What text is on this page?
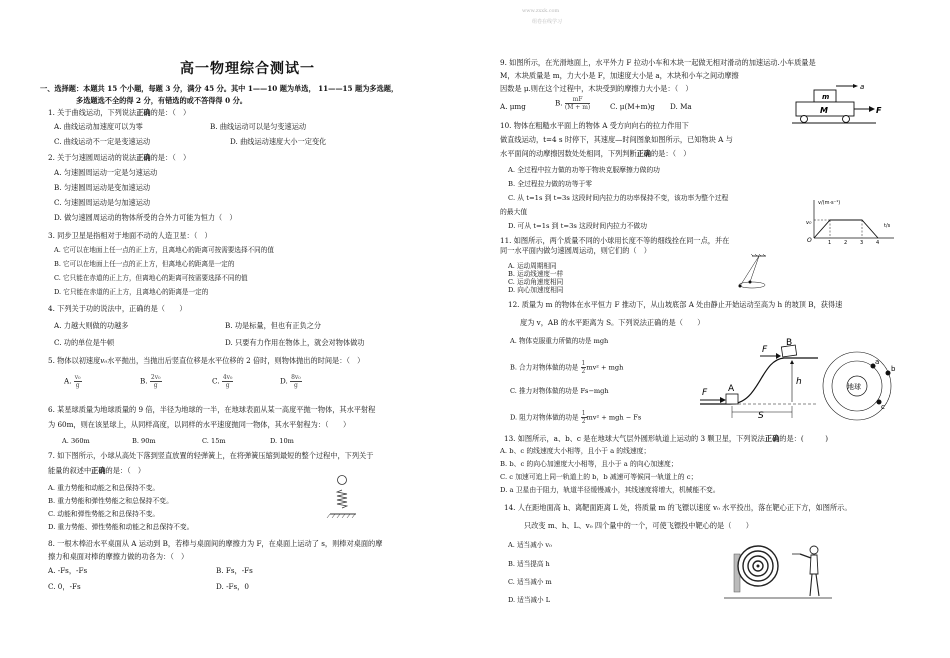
www.zxxk.com
组卷在线学习
高一物理综合测试一
一、选择题：本题共 15 个小题，每题 3 分，满分 45 分。其中 1——10 题为单选， 11——15 题为多选题，
多选题选不全的得 2 分，有错选的或不答得得 0 分。
1. 关于曲线运动，下列说法正确的是：（　）
A. 曲线运动加速度可以为零	B. 曲线运动可以是匀变速运动
C. 曲线运动不一定是变速运动	D. 曲线运动速度大小一定变化
2. 关于匀速圆周运动的说法正确的是：（　）
A. 匀速圆周运动一定是匀速运动
B. 匀速圆周运动是变加速运动
C. 匀速圆周运动是匀加速运动
D. 做匀速圆周运动的物体所受的合外力可能为恒力（　）
3. 同步卫星是指相对于地面不动的人造卫星：（　）
A. 它可以在地面上任一点的正上方，且离地心的距离可按需要选择不同的值
B. 它可以在地面上任一点的正上方，但离地心的距离是一定的
C. 它只能在赤道的正上方，但离地心的距离可按需要选择不同的值
D. 它只能在赤道的正上方，且离地心的距离是一定的
4. 下列关于功的说法中，正确的是（　　）
A. 力越大则做的功越多	B. 功是标量，但也有正负之分
C. 功的单位是牛顿	D. 只要有力作用在物体上，就会对物体做功
5. 物体以初速度v₀水平抛出，当抛出后竖直位移是水平位移的 2 倍时，则物体抛出的时间是：（　）
A. $\frac{\text{v₀}}{g}$	B. $\frac{\text{2v₀}}{g}$	C. $\frac{\text{4v₀}}{g}$	D. $\frac{\text{8v₀}}{g}$
6. 某星球质量为地球质量的 9 倍，半径为地球的一半，在地球表面从某一高度平抛一物体，其水平射程
为 60m，则在该星球上，从同样高度，以同样的水平速度抛同一物体，其水平射程为：（　　）
A. 360m	B. 90m	C. 15m	D. 10m
7. 如下图所示，小球从高处下落到竖直放置的轻弹簧上，在将弹簧压缩到最短的整个过程中，下列关于
能量的叙述中正确的是：（　）
A. 重力势能和动能之和总保持不变。
B. 重力势能和弹性势能之和总保持不变。
C. 动能和弹性势能之和总保持不变。
D. 重力势能、弹性势能和动能之和总保持不变。
8. 一根木棒沿水平桌面从 A 运动到 B，若棒与桌面间的摩擦力为 F，在桌面上运动了 s，则棒对桌面的摩
擦力和桌面对棒的摩擦力做的功各为：（　）
A. -Fs，-Fs	B. Fs，-Fs
C. 0，-Fs	D. -Fs，0
9. 如图所示，在光滑地面上，水平外力 F 拉动小车和木块一起做无相对滑动的加速运动.小车质量是
M，木块质量是 m，力大小是 F，加速度大小是 a，木块和小车之间动摩擦
因数是 μ.则在这个过程中，木块受到的摩擦力大小是：（　）
A. μmg	B. $\frac{mF}{(M + m)}$	C. μ(M+m)g D. Ma
a
m
M	F
10. 物体在粗糙水平面上的物体 A 受方向向右的拉力作用下
做直线运动，t=4 s 时停下，其速度—时间图象如图所示，已知物块 A 与
水平面间的动摩擦因数处处相同，下列判断正确的是：（　）
A. 全过程中拉力做的功等于物块克服摩擦力做的功
B. 全过程拉力做的功等于零
C. 从 t=1s 到 t=3s 这段时间内拉力的功率保持不变，该功率为整个过程
的最大值
D. 可从 t=1s 到 t=3s 这段时间内拉力不做功
v/(m·s⁻¹)
v₀	t/s
O	1	2	3	4
11. 如图所示，两个质量不同的小球用长度不等的细线拴在同一点，并在
同一水平面内做匀速圆周运动，则它们的（　）
A. 运动周期相同
B. 运动线速度一样
C. 运动角速度相同
D. 向心加速度相同
12. 质量为 m 的物体在水平恒力 F 推动下，从山坡底部 A 处由静止开始运动至高为 h 的坡顶 B，获得速
度为 v，AB 的水平距离为 S。下列说法正确的是（　　）
A. 物体克服重力所做的功是 mgh
B. 合力对物体做的功是 $\frac{1}{2} mv^2$ + mgh
C. 推力对物体做的功是 Fs−mgh
D. 阻力对物体做的功是 $\frac{1}{2} mv^2$ + mgh − Fs
F
B
h
A
F
S
地球
a
b
c
13. 如图所示，a、b、c 是在地球大气层外圆形轨道上运动的 3 颗卫星，下列说法正确的是：(　　　)
A. b、c 的线速度大小相等，且小于 a 的线速度；
B. b、c 的向心加速度大小相等，且小于 a 的向心加速度；
C. c 加速可追上同一轨道上的 b，b 减速可等候同一轨道上的 c；
D. a 卫星由于阻力，轨道半径缓慢减小，其线速度将增大，机械能不变。
14. 人在距地面高 h、离靶面距离 L 处，将质量 m 的飞镖以速度 v₀ 水平投出，落在靶心正下方，如图所示。
只改变 m、h、L、v₀ 四个量中的一个，可使飞镖投中靶心的是（　　）
A. 适当减小 v₀
B. 适当提高 h
C. 适当减小 m
D. 适当减小 L
